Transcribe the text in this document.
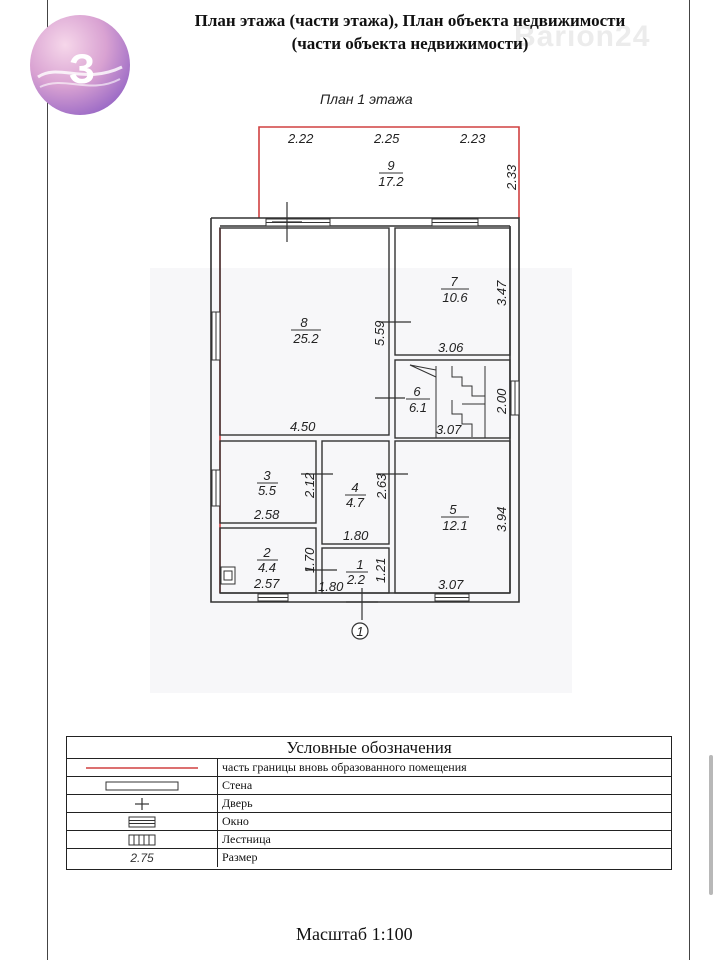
Barion24
З
План этажа (части этажа), План объекта недвижимости
(части объекта недвижимости)
1
9
17.2
8
25.2
7
10.6
6
6.1
5
12.1
4
4.7
3
5.5
2
4.4	1
2.2
2.22	2.25	2.23
2.33
5.59
4.50
3.47
3.06
2.00
3.07
3.94
3.07
2.63
1.80
2.12
2.58
1.70
2.57
1.21
1.80
План 1 этажа
Условные обозначения
часть границы вновь образованного помещения
Стена
Дверь
Окно
Лестница
2.75	Размер
Масштаб 1:100
